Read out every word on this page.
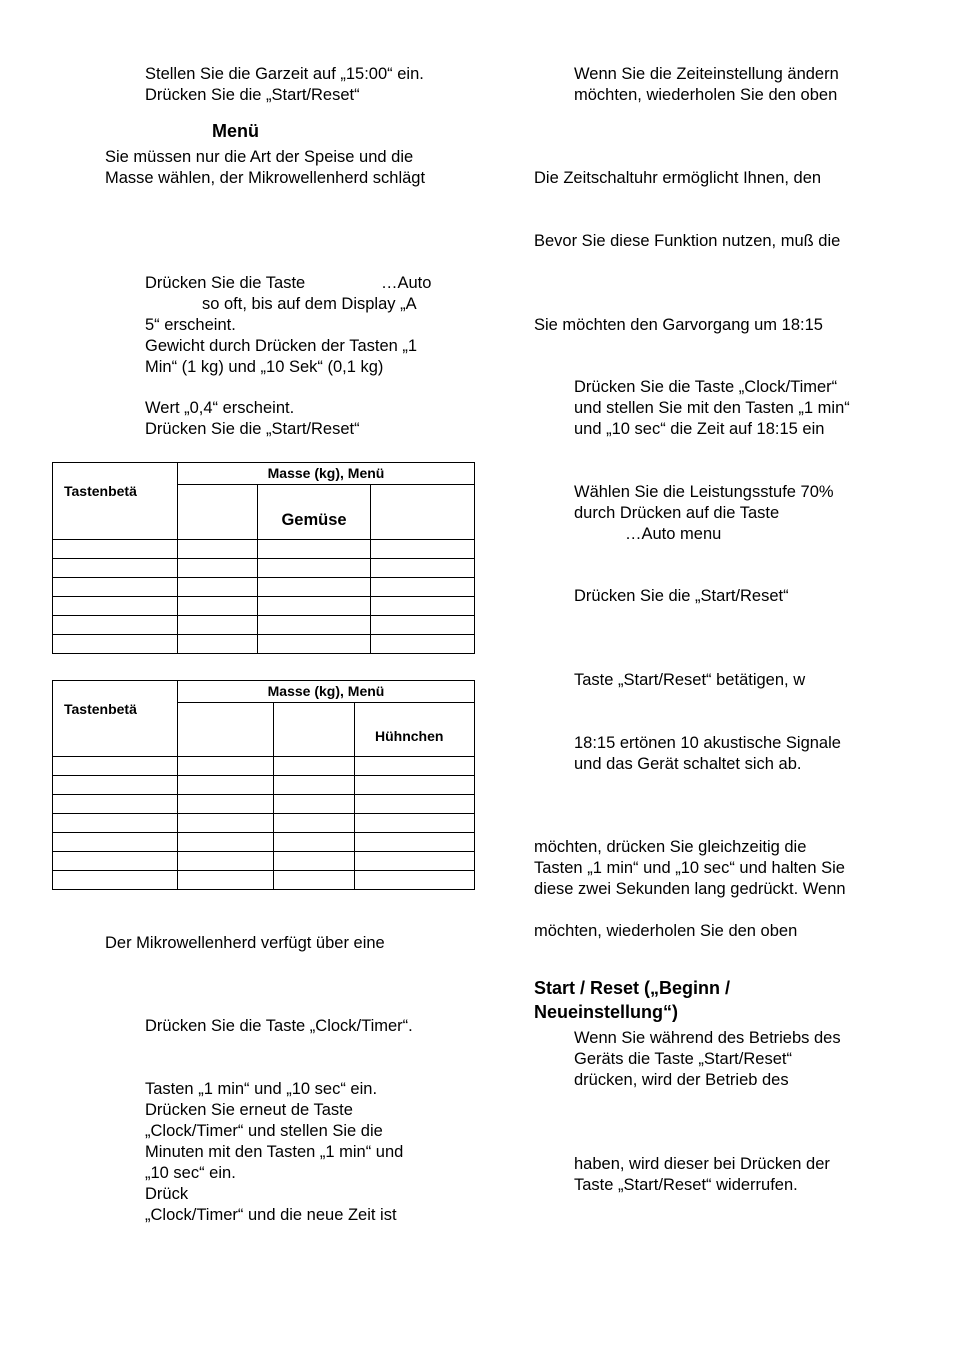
Stellen Sie die Garzeit auf „15:00“ ein.
Drücken Sie die „Start/Reset“
Menü
Sie müssen nur die Art der Speise und die
Masse wählen, der Mikrowellenherd schlägt
Drücken Sie die Taste	…Auto
so oft, bis auf dem Display „A
5“ erscheint.
Gewicht durch Drücken der Tasten „1
Min“ (1 kg) und „10 Sek“ (0,1 kg)
Wert „0,4“ erscheint.
Drücken Sie die „Start/Reset“
Tastenbetä	Masse (kg), Menü		
		Gemüse	

Tastenbetä	Masse (kg), Menü		
			Hühnchen

Der Mikrowellenherd verfügt über eine
Drücken Sie die Taste „Clock/Timer“.
Tasten „1 min“ und „10 sec“ ein.
Drücken Sie erneut de Taste
„Clock/Timer“ und stellen Sie die
Minuten mit den Tasten „1 min“ und
„10 sec“ ein.
Drück
„Clock/Timer“ und die neue Zeit ist
Wenn Sie die Zeiteinstellung ändern
möchten, wiederholen Sie den oben
Die Zeitschaltuhr ermöglicht Ihnen, den
Bevor Sie diese Funktion nutzen, muß die
Sie möchten den Garvorgang um 18:15
Drücken Sie die Taste „Clock/Timer“
und stellen Sie mit den Tasten „1 min“
und „10 sec“ die Zeit auf 18:15 ein
Wählen Sie die Leistungsstufe 70%
durch Drücken auf die Taste
…Auto menu
Drücken Sie die „Start/Reset“
Taste „Start/Reset“ betätigen, w
18:15 ertönen 10 akustische Signale
und das Gerät schaltet sich ab.
möchten, drücken Sie gleichzeitig die
Tasten „1 min“ und „10 sec“ und halten Sie
diese zwei Sekunden lang gedrückt. Wenn
möchten, wiederholen Sie den oben
Start / Reset („Beginn /
Neueinstellung“)
Wenn Sie während des Betriebs des
Geräts die Taste „Start/Reset“
drücken, wird der Betrieb des
haben, wird dieser bei Drücken der
Taste „Start/Reset“ widerrufen.
